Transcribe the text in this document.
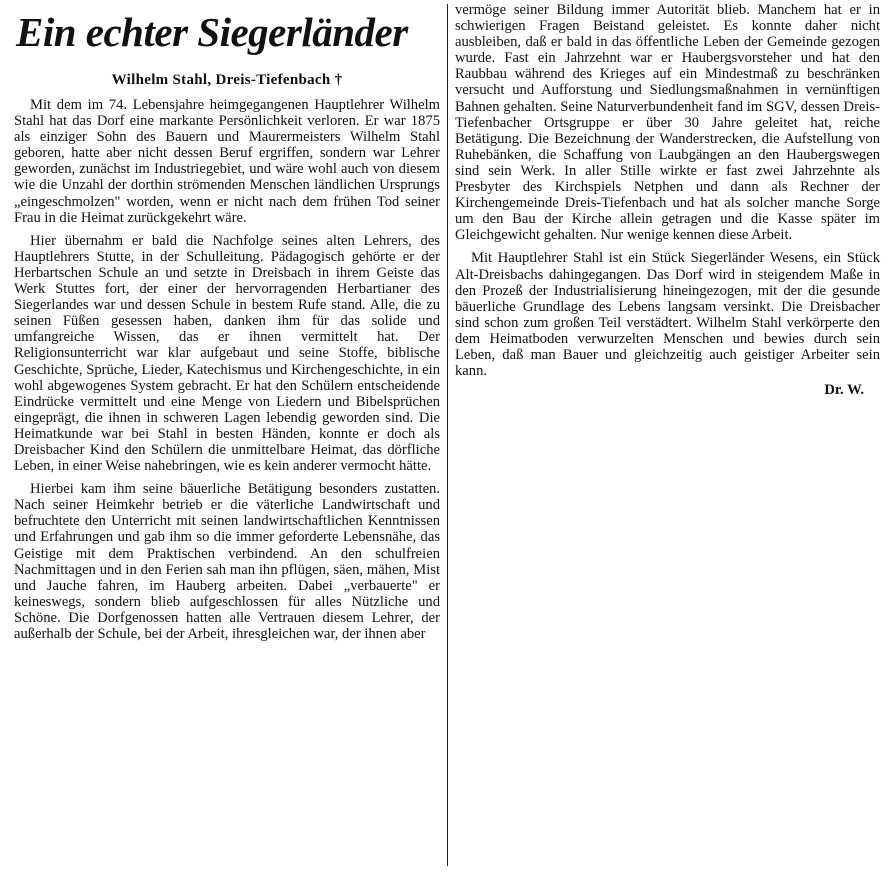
Ein echter Siegerländer
Wilhelm Stahl, Dreis-Tiefenbach †

Mit dem im 74. Lebensjahre heimgegangenen Hauptlehrer Wilhelm Stahl hat das Dorf eine markante Persönlichkeit verloren. Er war 1875 als einziger Sohn des Bauern und Maurermeisters Wilhelm Stahl geboren, hatte aber nicht dessen Beruf ergriffen, sondern war Lehrer geworden, zunächst im Industriegebiet, und wäre wohl auch von diesem wie die Unzahl der dorthin strömenden Menschen ländlichen Ursprungs „eingeschmolzen" worden, wenn er nicht nach dem frühen Tod seiner Frau in die Heimat zurückgekehrt wäre.

Hier übernahm er bald die Nachfolge seines alten Lehrers, des Hauptlehrers Stutte, in der Schulleitung. Pädagogisch gehörte er der Herbartschen Schule an und setzte in Dreisbach in ihrem Geiste das Werk Stuttes fort, der einer der hervorragenden Herbartianer des Siegerlandes war und dessen Schule in bestem Rufe stand. Alle, die zu seinen Füßen gesessen haben, danken ihm für das solide und umfangreiche Wissen, das er ihnen vermittelt hat. Der Religionsunterricht war klar aufgebaut und seine Stoffe, biblische Geschichte, Sprüche, Lieder, Katechismus und Kirchengeschichte, in ein wohl abgewogenes System gebracht. Er hat den Schülern entscheidende Eindrücke vermittelt und eine Menge von Liedern und Bibelsprüchen eingeprägt, die ihnen in schweren Lagen lebendig geworden sind. Die Heimatkunde war bei Stahl in besten Händen, konnte er doch als Dreisbacher Kind den Schülern die unmittelbare Heimat, das dörfliche Leben, in einer Weise nahebringen, wie es kein anderer vermocht hätte.

Hierbei kam ihm seine bäuerliche Betätigung besonders zustatten. Nach seiner Heimkehr betrieb er die väterliche Landwirtschaft und befruchtete den Unterricht mit seinen landwirtschaftlichen Kenntnissen und Erfahrungen und gab ihm so die immer geforderte Lebensnähe, das Geistige mit dem Praktischen verbindend. An den schulfreien Nachmittagen und in den Ferien sah man ihn pflügen, säen, mähen, Mist und Jauche fahren, im Hauberg arbeiten. Dabei „verbauerte" er keineswegs, sondern blieb aufgeschlossen für alles Nützliche und Schöne. Die Dorfgenossen hatten alle Vertrauen diesem Lehrer, der außerhalb der Schule, bei der Arbeit, ihresgleichen war, der ihnen aber

vermöge seiner Bildung immer Autorität blieb. Manchem hat er in schwierigen Fragen Beistand geleistet. Es konnte daher nicht ausbleiben, daß er bald in das öffentliche Leben der Gemeinde gezogen wurde. Fast ein Jahrzehnt war er Haubergsvorsteher und hat den Raubbau während des Krieges auf ein Mindestmaß zu beschränken versucht und Aufforstung und Siedlungsmaßnahmen in vernünftigen Bahnen gehalten. Seine Naturverbundenheit fand im SGV, dessen Dreis-Tiefenbacher Ortsgruppe er über 30 Jahre geleitet hat, reiche Betätigung. Die Bezeichnung der Wanderstrecken, die Aufstellung von Ruhebänken, die Schaffung von Laubgängen an den Haubergswegen sind sein Werk. In aller Stille wirkte er fast zwei Jahrzehnte als Presbyter des Kirchspiels Netphen und dann als Rechner der Kirchengemeinde Dreis-Tiefenbach und hat als solcher manche Sorge um den Bau der Kirche allein getragen und die Kasse später im Gleichgewicht gehalten. Nur wenige kennen diese Arbeit.

Mit Hauptlehrer Stahl ist ein Stück Siegerländer Wesens, ein Stück Alt-Dreisbachs dahingegangen. Das Dorf wird in steigendem Maße in den Prozeß der Industrialisierung hineingezogen, mit der die gesunde bäuerliche Grundlage des Lebens langsam versinkt. Die Dreisbacher sind schon zum großen Teil verstädtert. Wilhelm Stahl verkörperte den dem Heimatboden verwurzelten Menschen und bewies durch sein Leben, daß man Bauer und gleichzeitig auch geistiger Arbeiter sein kann.

Dr. W.
